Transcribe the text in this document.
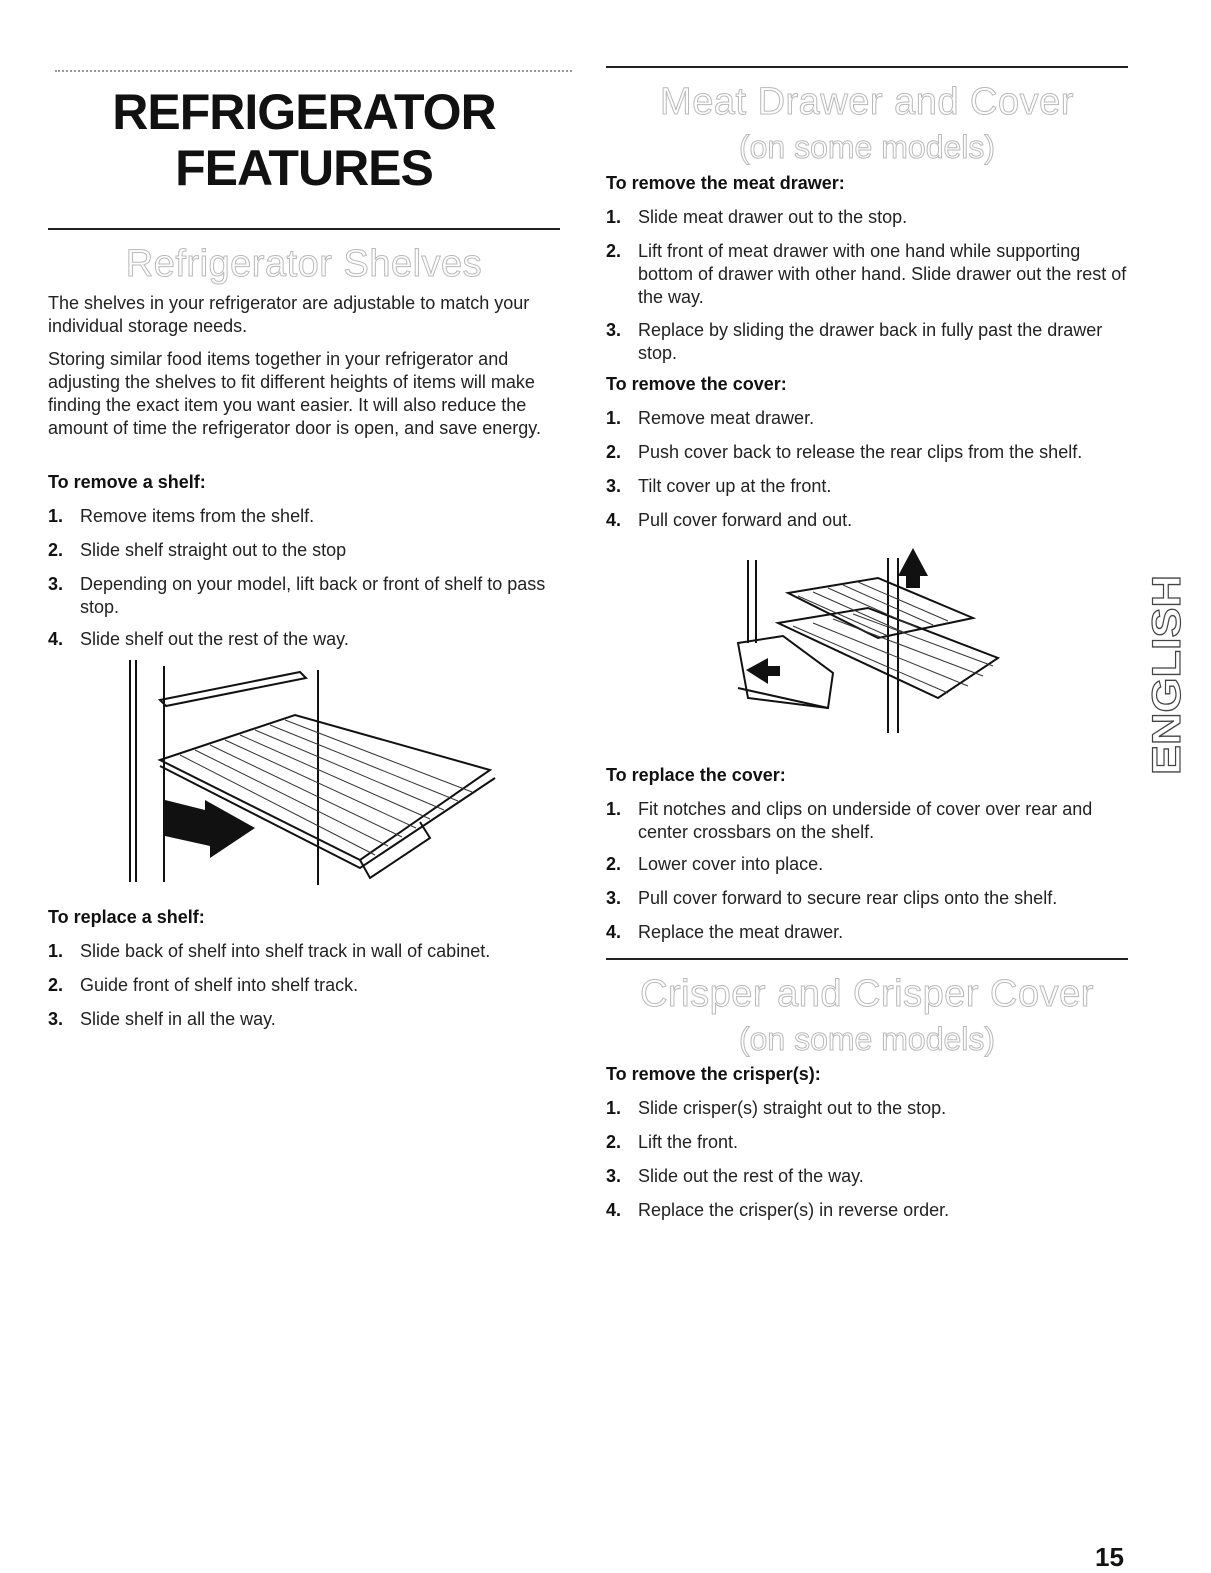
REFRIGERATOR
FEATURES
Refrigerator Shelves
The shelves in your refrigerator are adjustable to match your individual storage needs.
Storing similar food items together in your refrigerator and adjusting the shelves to fit different heights of items will make finding the exact item you want easier. It will also reduce the amount of time the refrigerator door is open, and save energy.
To remove a shelf:
1. Remove items from the shelf.
2. Slide shelf straight out to the stop
3. Depending on your model, lift back or front of shelf to pass stop.
4. Slide shelf out the rest of the way.
To replace a shelf:
1. Slide back of shelf into shelf track in wall of cabinet.
2. Guide front of shelf into shelf track.
3. Slide shelf in all the way.
Meat Drawer and Cover
(on some models)
To remove the meat drawer:
1. Slide meat drawer out to the stop.
2. Lift front of meat drawer with one hand while supporting bottom of drawer with other hand. Slide drawer out the rest of the way.
3. Replace by sliding the drawer back in fully past the drawer stop.
To remove the cover:
1. Remove meat drawer.
2. Push cover back to release the rear clips from the shelf.
3. Tilt cover up at the front.
4. Pull cover forward and out.
To replace the cover:
1. Fit notches and clips on underside of cover over rear and center crossbars on the shelf.
2. Lower cover into place.
3. Pull cover forward to secure rear clips onto the shelf.
4. Replace the meat drawer.
Crisper and Crisper Cover
(on some models)
To remove the crisper(s):
1. Slide crisper(s) straight out to the stop.
2. Lift the front.
3. Slide out the rest of the way.
4. Replace the crisper(s) in reverse order.
ENGLISH
15
